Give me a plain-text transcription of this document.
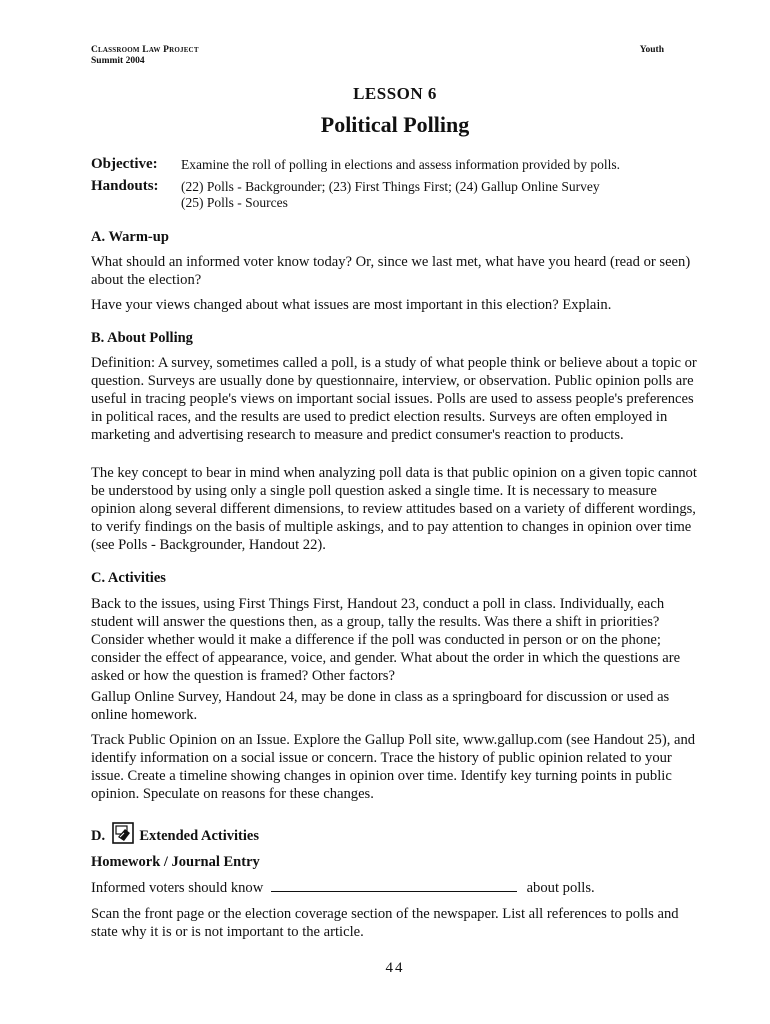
Classroom Law Project
Summit 2004
Youth
LESSON 6
Political Polling
Objective: Examine the roll of polling in elections and assess information provided by polls.
Handouts: (22) Polls - Backgrounder; (23) First Things First; (24) Gallup Online Survey
(25) Polls - Sources
A. Warm-up
What should an informed voter know today? Or, since we last met, what have you heard (read or seen) about the election?
Have your views changed about what issues are most important in this election? Explain.
B. About Polling
Definition: A survey, sometimes called a poll, is a study of what people think or believe about a topic or question. Surveys are usually done by questionnaire, interview, or observation. Public opinion polls are useful in tracing people's views on important social issues. Polls are used to assess people's preferences in political races, and the results are used to predict election results. Surveys are often employed in marketing and advertising research to measure and predict consumer's reaction to products.
The key concept to bear in mind when analyzing poll data is that public opinion on a given topic cannot be understood by using only a single poll question asked a single time. It is necessary to measure opinion along several different dimensions, to review attitudes based on a variety of different wordings, to verify findings on the basis of multiple askings, and to pay attention to changes in opinion over time (see Polls - Backgrounder, Handout 22).
C. Activities
Back to the issues, using First Things First, Handout 23, conduct a poll in class. Individually, each student will answer the questions then, as a group, tally the results. Was there a shift in priorities? Consider whether would it make a difference if the poll was conducted in person or on the phone; consider the effect of appearance, voice, and gender. What about the order in which the questions are asked or how the question is framed? Other factors?
Gallup Online Survey, Handout 24, may be done in class as a springboard for discussion or used as online homework.
Track Public Opinion on an Issue. Explore the Gallup Poll site, www.gallup.com (see Handout 25), and identify information on a social issue or concern. Trace the history of public opinion related to your issue. Create a timeline showing changes in opinion over time. Identify key turning points in public opinion. Speculate on reasons for these changes.
D. Extended Activities
Homework / Journal Entry
Informed voters should know	about polls.
Scan the front page or the election coverage section of the newspaper. List all references to polls and state why it is or is not important to the article.
44
